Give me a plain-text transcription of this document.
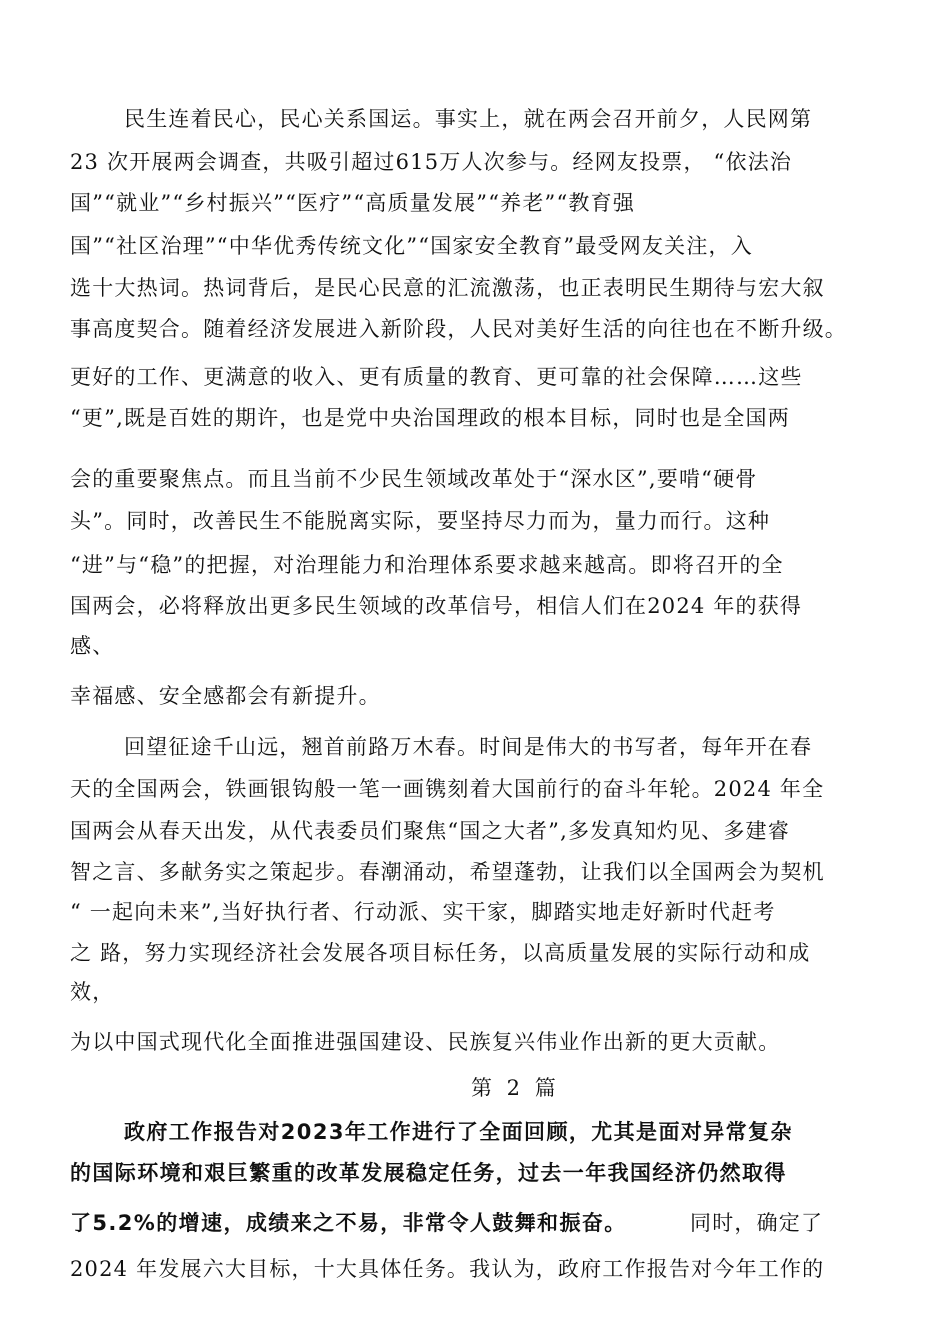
民生连着民心，民心关系国运。事实上，就在两会召开前夕，人民网第
23 次开展两会调查，共吸引超过615万人次参与。经网友投票， “依法治
国”“就业”“乡村振兴”“医疗”“高质量发展”“养老”“教育强
国”“社区治理”“中华优秀传统文化”“国家安全教育”最受网友关注，入
选十大热词。热词背后，是民心民意的汇流激荡，也正表明民生期待与宏大叙
事高度契合。随着经济发展进入新阶段，人民对美好生活的向往也在不断升级。
更好的工作、更满意的收入、更有质量的教育、更可靠的社会保障……这些
“更”,既是百姓的期许，也是党中央治国理政的根本目标，同时也是全国两
会的重要聚焦点。而且当前不少民生领域改革处于“深水区”,要啃“硬骨
头”。同时，改善民生不能脱离实际，要坚持尽力而为，量力而行。这种
“进”与“稳”的把握，对治理能力和治理体系要求越来越高。即将召开的全
国两会，必将释放出更多民生领域的改革信号，相信人们在2024 年的获得
感、
幸福感、安全感都会有新提升。
回望征途千山远，翘首前路万木春。时间是伟大的书写者，每年开在春
天的全国两会，铁画银钩般一笔一画镌刻着大国前行的奋斗年轮。2024 年全
国两会从春天出发，从代表委员们聚焦“国之大者”,多发真知灼见、多建睿
智之言、多献务实之策起步。春潮涌动，希望蓬勃，让我们以全国两会为契机
“ 一起向未来”,当好执行者、行动派、实干家，脚踏实地走好新时代赶考
之 路，努力实现经济社会发展各项目标任务，以高质量发展的实际行动和成
效，
为以中国式现代化全面推进强国建设、民族复兴伟业作出新的更大贡献。
第 2 篇
政府工作报告对2023年工作进行了全面回顾，尤其是面对异常复杂
的国际环境和艰巨繁重的改革发展稳定任务，过去一年我国经济仍然取得
了5.2%的增速，成绩来之不易，非常令人鼓舞和振奋。	同时，确定了
2024 年发展六大目标，十大具体任务。我认为，政府工作报告对今年工作的
